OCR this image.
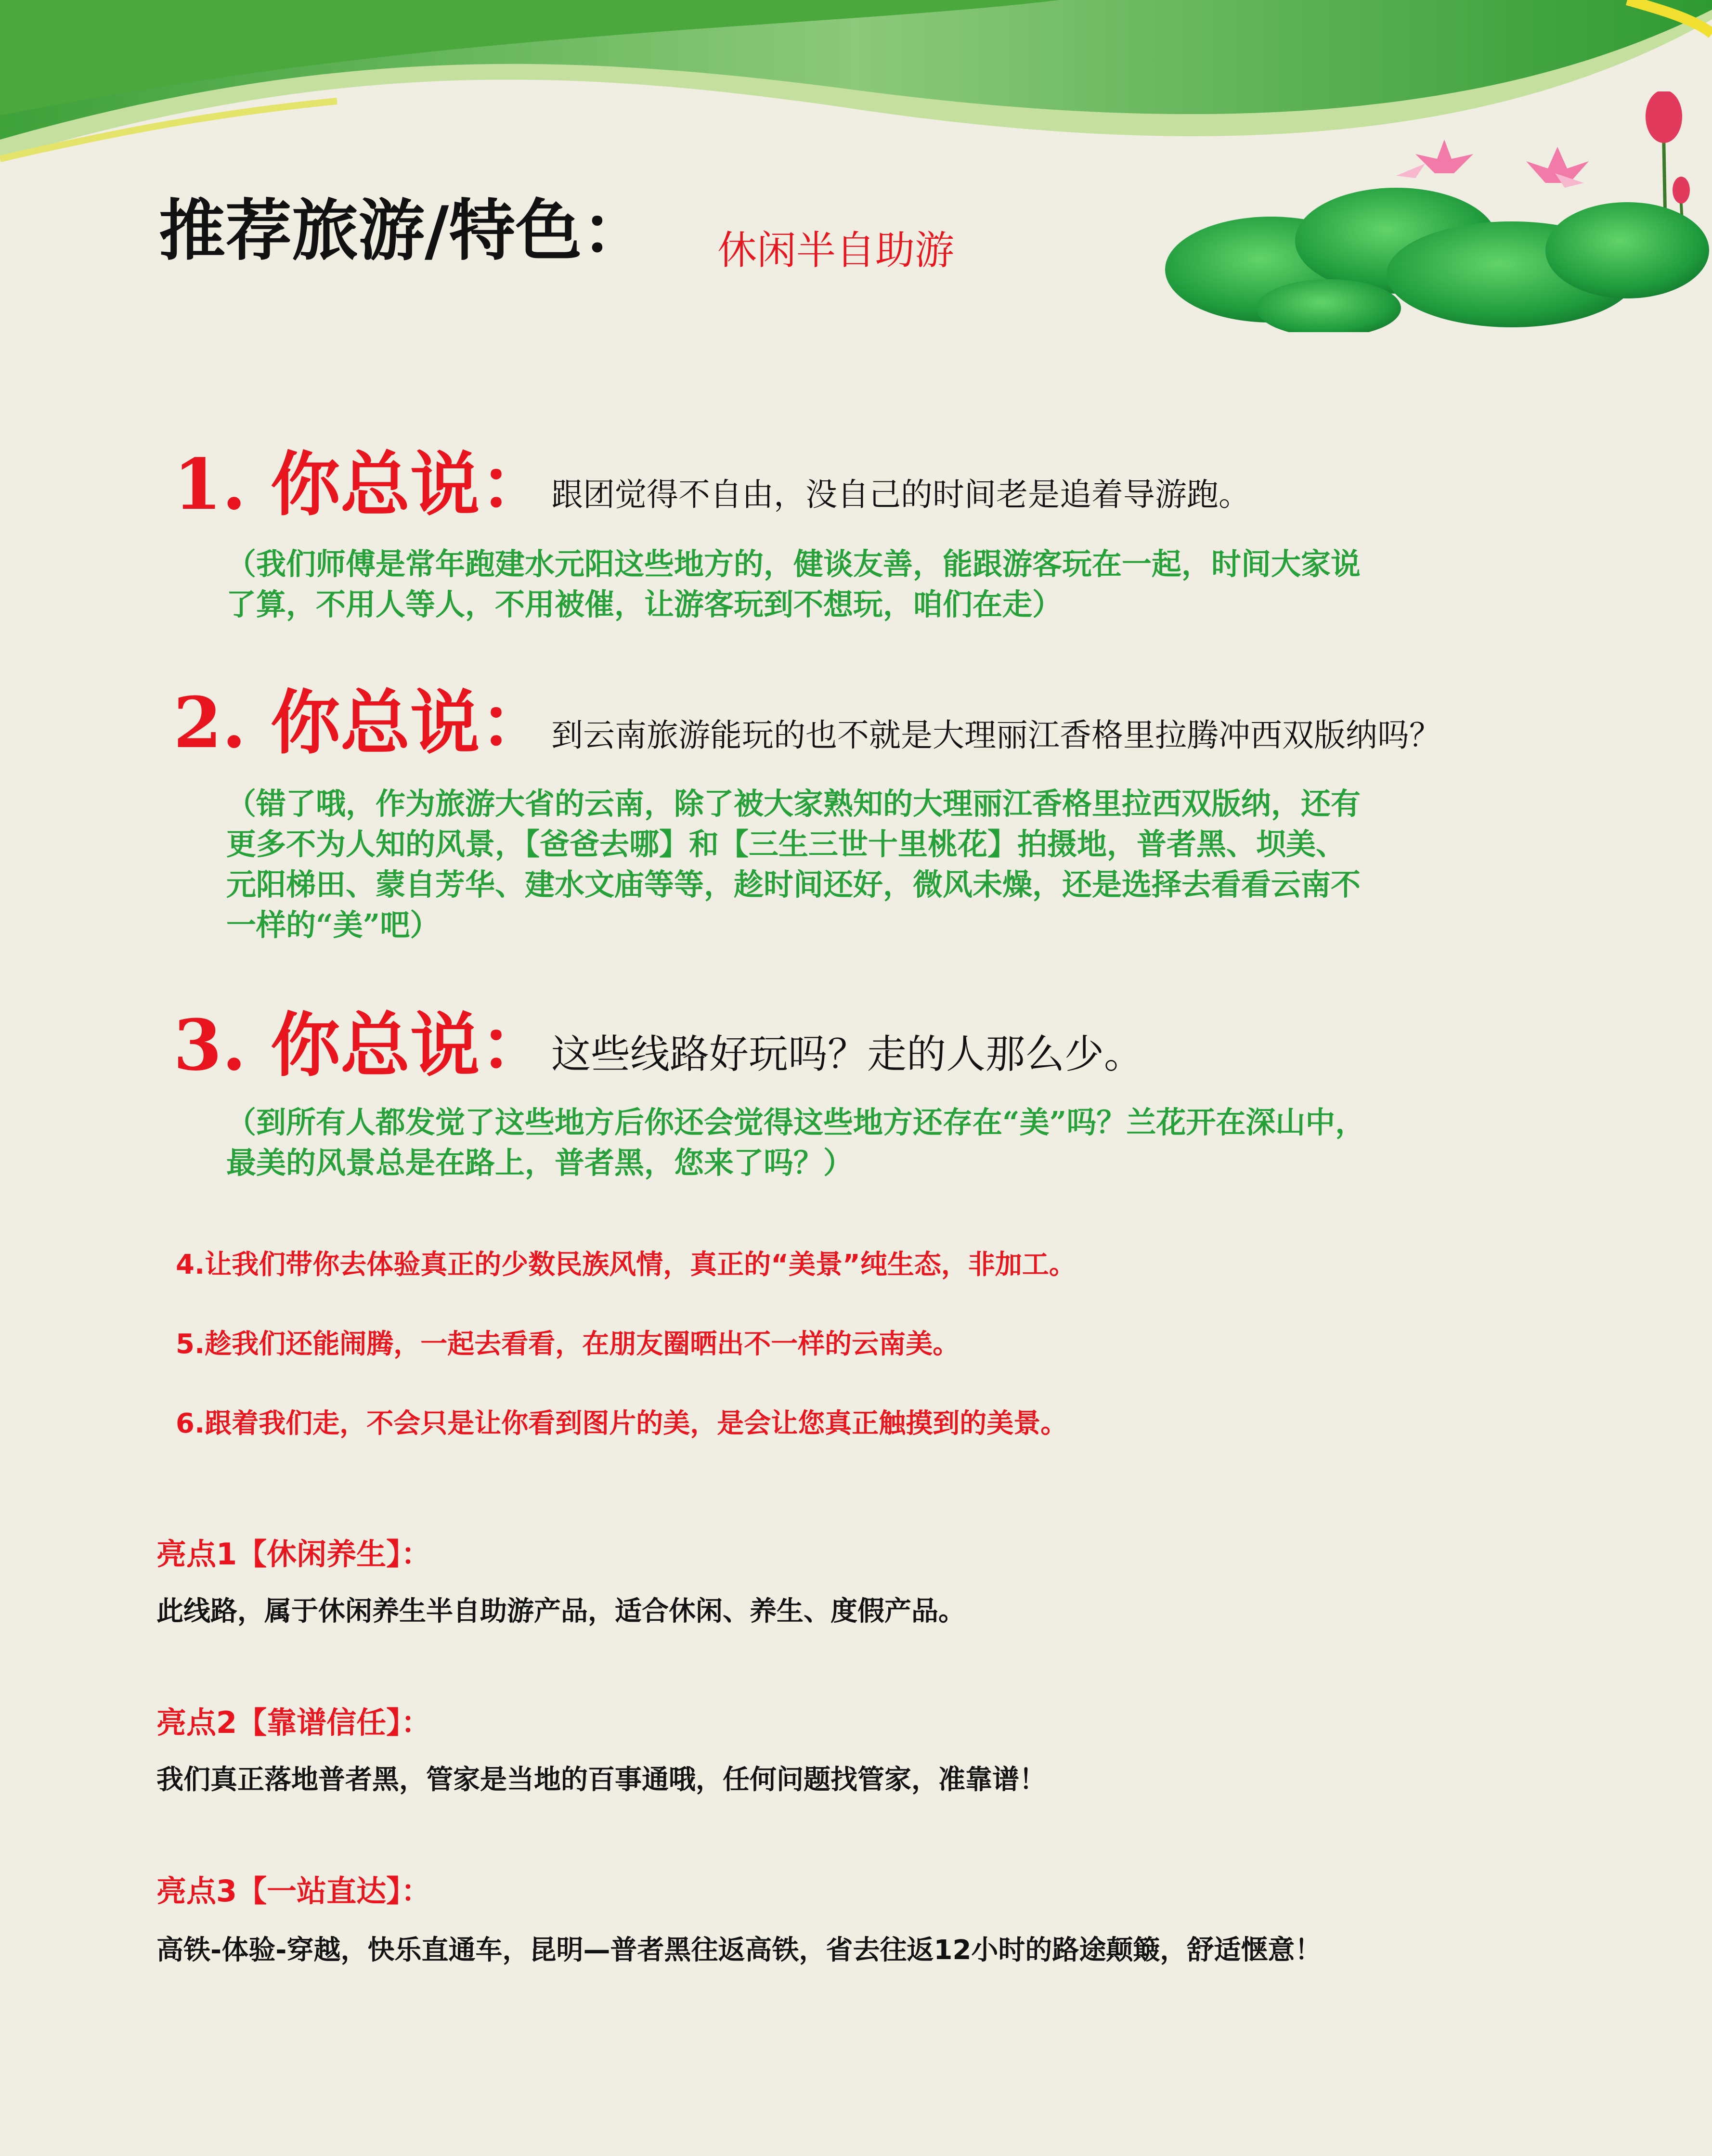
推荐旅游/特色： 休闲半自助游
1. 你总说： 跟团觉得不自由，没自己的时间老是追着导游跑。

（我们师傅是常年跑建水元阳这些地方的，健谈友善，能跟游客玩在一起，时间大家说

了算，不用人等人，不用被催，让游客玩到不想玩，咱们在走）

2. 你总说： 到云南旅游能玩的也不就是大理丽江香格里拉腾冲西双版纳吗？

（错了哦，作为旅游大省的云南，除了被大家熟知的大理丽江香格里拉西双版纳，还有

更多不为人知的风景，【爸爸去哪】和【三生三世十里桃花】拍摄地，普者黑、坝美、

元阳梯田、蒙自芳华、建水文庙等等，趁时间还好，微风未燥，还是选择去看看云南不

一样的“美”吧）

3. 你总说： 这些线路好玩吗？走的人那么少。

（到所有人都发觉了这些地方后你还会觉得这些地方还存在“美”吗？兰花开在深山中，

最美的风景总是在路上，普者黑，您来了吗？）

4.让我们带你去体验真正的少数民族风情，真正的“美景”纯生态，非加工。
5.趁我们还能闹腾，一起去看看，在朋友圈晒出不一样的云南美。
6.跟着我们走，不会只是让你看到图片的美，是会让您真正触摸到的美景。
亮点1【休闲养生】：
此线路，属于休闲养生半自助游产品，适合休闲、养生、度假产品。
亮点2【靠谱信任】：
我们真正落地普者黑，管家是当地的百事通哦，任何问题找管家，准靠谱！
亮点3【一站直达】：
高铁-体验-穿越，快乐直通车，昆明—普者黑往返高铁，省去往返12小时的路途颠簸，舒适惬意！
